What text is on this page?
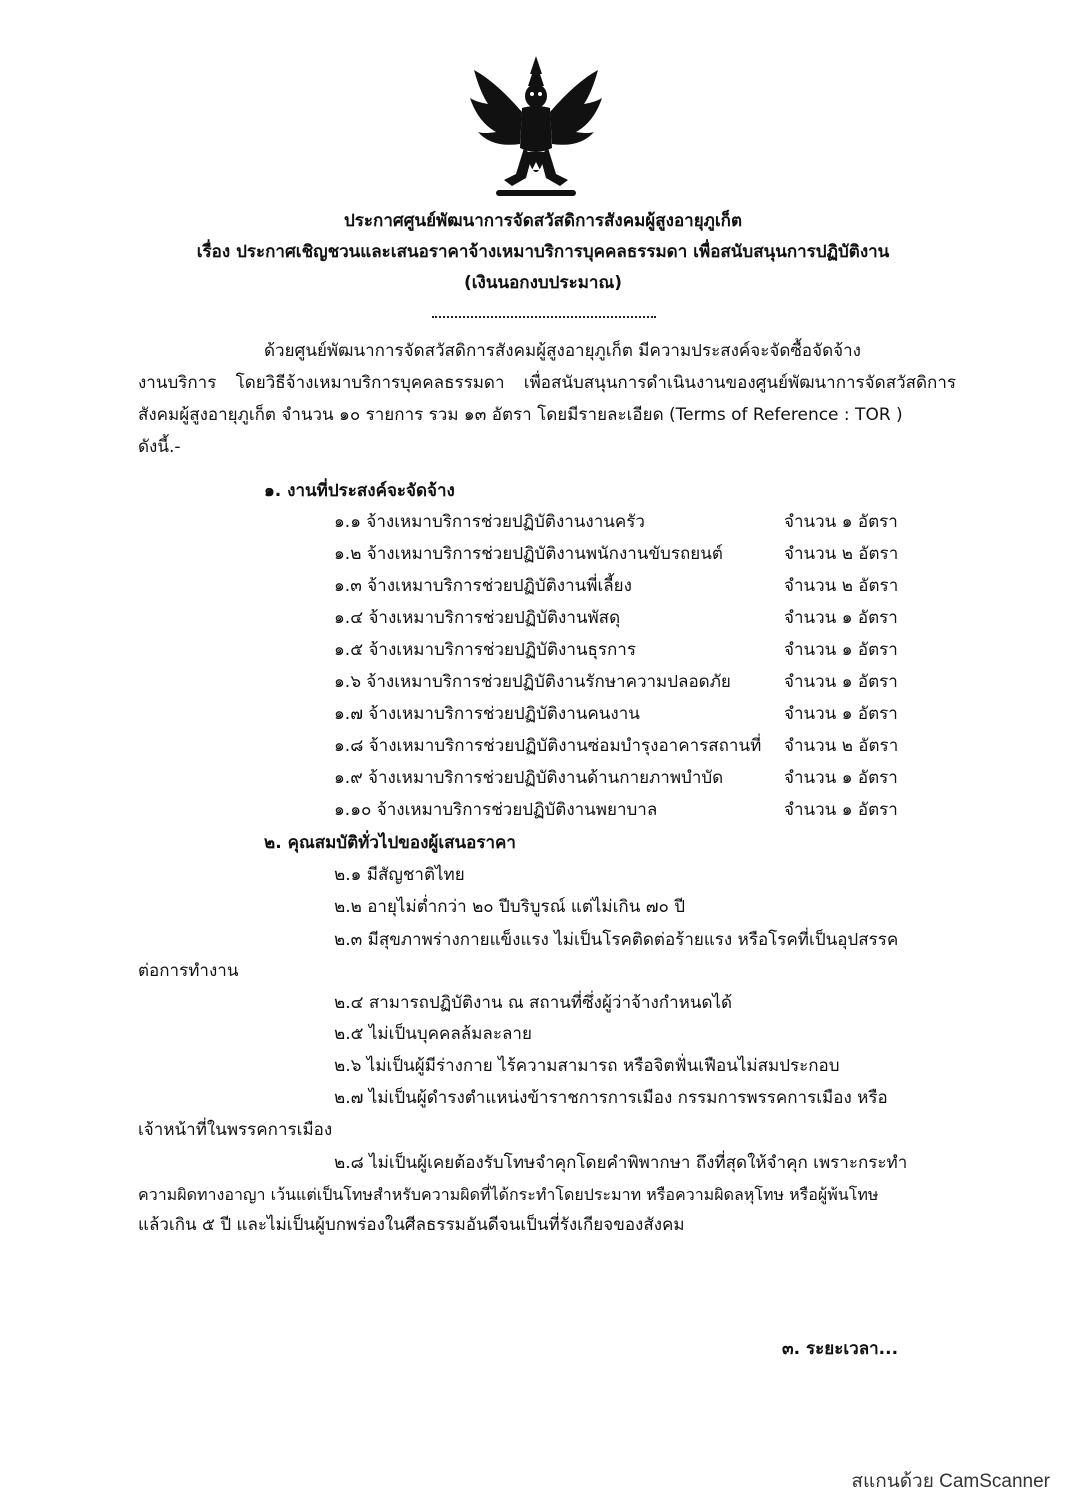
ประกาศศูนย์พัฒนาการจัดสวัสดิการสังคมผู้สูงอายุภูเก็ต
เรื่อง ประกาศเชิญชวนและเสนอราคาจ้างเหมาบริการบุคคลธรรมดา เพื่อสนับสนุนการปฏิบัติงาน
(เงินนอกงบประมาณ)
ด้วยศูนย์พัฒนาการจัดสวัสดิการสังคมผู้สูงอายุภูเก็ต มีความประสงค์จะจัดซื้อจัดจ้าง
งานบริการ โดยวิธีจ้างเหมาบริการบุคคลธรรมดา เพื่อสนับสนุนการดำเนินงานของศูนย์พัฒนาการจัดสวัสดิการ
สังคมผู้สูงอายุภูเก็ต จำนวน ๑๐ รายการ รวม ๑๓ อัตรา โดยมีรายละเอียด (Terms of Reference : TOR )
ดังนี้.-
๑. งานที่ประสงค์จะจัดจ้าง
๑.๑ จ้างเหมาบริการช่วยปฏิบัติงานงานครัว	จำนวน ๑ อัตรา
๑.๒ จ้างเหมาบริการช่วยปฏิบัติงานพนักงานขับรถยนต์	จำนวน ๒ อัตรา
๑.๓ จ้างเหมาบริการช่วยปฏิบัติงานพี่เลี้ยง	จำนวน ๒ อัตรา
๑.๔ จ้างเหมาบริการช่วยปฏิบัติงานพัสดุ	จำนวน ๑ อัตรา
๑.๕ จ้างเหมาบริการช่วยปฏิบัติงานธุรการ	จำนวน ๑ อัตรา
๑.๖ จ้างเหมาบริการช่วยปฏิบัติงานรักษาความปลอดภัย	จำนวน ๑ อัตรา
๑.๗ จ้างเหมาบริการช่วยปฏิบัติงานคนงาน	จำนวน ๑ อัตรา
๑.๘ จ้างเหมาบริการช่วยปฏิบัติงานซ่อมบำรุงอาคารสถานที่ จำนวน ๒ อัตรา
๑.๙ จ้างเหมาบริการช่วยปฏิบัติงานด้านกายภาพบำบัด	จำนวน ๑ อัตรา
๑.๑๐ จ้างเหมาบริการช่วยปฏิบัติงานพยาบาล	จำนวน ๑ อัตรา
๒. คุณสมบัติทั่วไปของผู้เสนอราคา
๒.๑ มีสัญชาติไทย
๒.๒ อายุไม่ต่ำกว่า ๒๐ ปีบริบูรณ์ แต่ไม่เกิน ๗๐ ปี
๒.๓ มีสุขภาพร่างกายแข็งแรง ไม่เป็นโรคติดต่อร้ายแรง หรือโรคที่เป็นอุปสรรค
ต่อการทำงาน
๒.๔ สามารถปฏิบัติงาน ณ สถานที่ซึ่งผู้ว่าจ้างกำหนดได้
๒.๕ ไม่เป็นบุคคลล้มละลาย
๒.๖ ไม่เป็นผู้มีร่างกาย ไร้ความสามารถ หรือจิตฟั่นเฟือนไม่สมประกอบ
๒.๗ ไม่เป็นผู้ดำรงตำแหน่งข้าราชการการเมือง กรรมการพรรคการเมือง หรือ
เจ้าหน้าที่ในพรรคการเมือง
๒.๘ ไม่เป็นผู้เคยต้องรับโทษจำคุกโดยคำพิพากษา ถึงที่สุดให้จำคุก เพราะกระทำ
ความผิดทางอาญา เว้นแต่เป็นโทษสำหรับความผิดที่ได้กระทำโดยประมาท หรือความผิดลหุโทษ หรือผู้พ้นโทษ
แล้วเกิน ๕ ปี และไม่เป็นผู้บกพร่องในศีลธรรมอันดีจนเป็นที่รังเกียจของสังคม
๓. ระยะเวลา...
สแกนด้วย CamScanner
